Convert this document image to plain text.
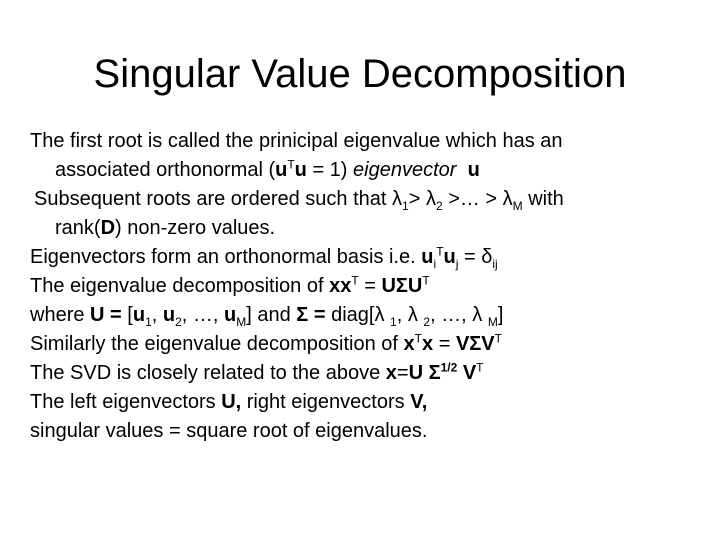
Singular Value Decomposition
The first root is called the prinicipal eigenvalue which has an
associated orthonormal $(u^Tu = 1)$ eigenvector u
Subsequent roots are ordered such that $\lambda_1> \lambda_2$ >… > $\lambda_M$ with
rank(D) non-zero values.
Eigenvectors form an orthonormal basis i.e. $u_i^Tu_j = \delta_{ij}$
The eigenvalue decomposition of $xx^T = U\Sigma U^T$
where $U = [u_1$, $u_2$, …, $u_M$] and Σ = diag[λ $_1$, λ $_2$, …, λ $_M$]
Similarly the eigenvalue decomposition of $x^Tx = V\Sigma V^T$
The SVD is closely related to the above x=U $\Sigma^{1/2}$ $V^T$
The left eigenvectors U, right eigenvectors V,
singular values = square root of eigenvalues.
